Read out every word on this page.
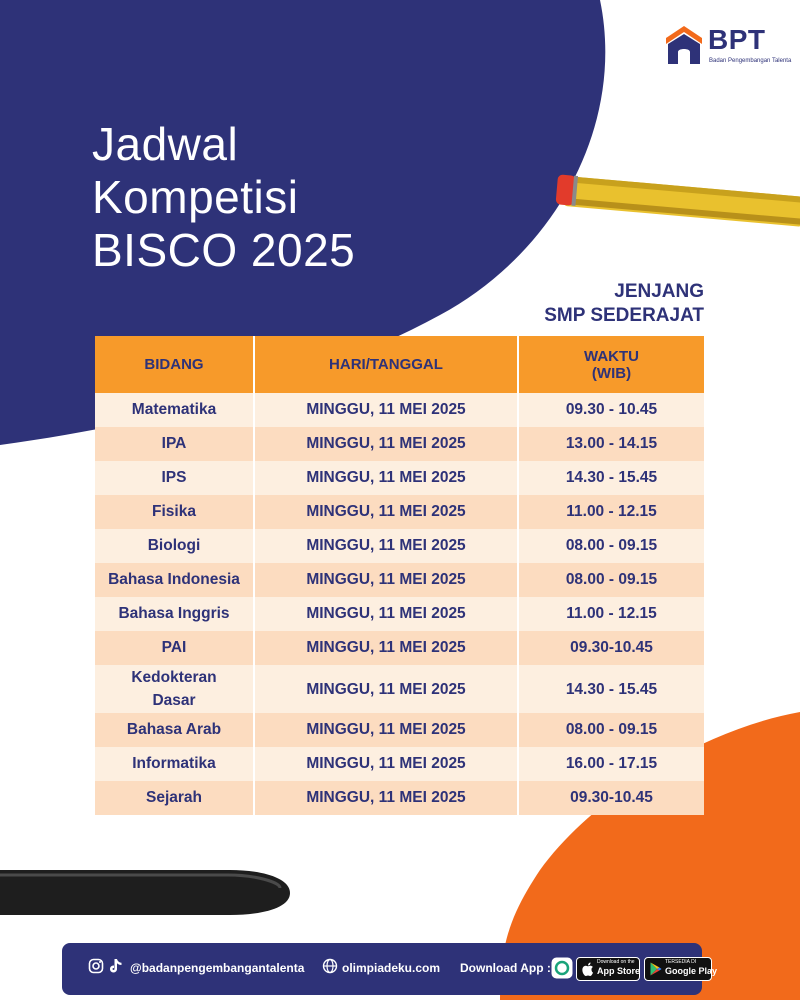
BPT
Badan Pengembangan Talenta
Jadwal
Kompetisi
BISCO 2025
JENJANG
SMP SEDERAJAT
BIDANG	HARI/TANGGAL	WAKTU
(WIB)

Matematika	MINGGU, 11 MEI 2025	09.30 - 10.45
IPA	MINGGU, 11 MEI 2025	13.00 - 14.15
IPS	MINGGU, 11 MEI 2025	14.30 - 15.45
Fisika	MINGGU, 11 MEI 2025	11.00 - 12.15
Biologi	MINGGU, 11 MEI 2025	08.00 - 09.15
Bahasa Indonesia	MINGGU, 11 MEI 2025	08.00 - 09.15
Bahasa Inggris	MINGGU, 11 MEI 2025	11.00 - 12.15
PAI	MINGGU, 11 MEI 2025	09.30-10.45

Kedokteran
Dasar	MINGGU, 11 MEI 2025	14.30 - 15.45
Bahasa Arab	MINGGU, 11 MEI 2025	08.00 - 09.15
Informatika	MINGGU, 11 MEI 2025	16.00 - 17.15
Sejarah	MINGGU, 11 MEI 2025	09.30-10.45
@badanpengembangantalenta	olimpiadeku.com Download App :	Download on the
App Store
TERSEDIA DI
Google Play
